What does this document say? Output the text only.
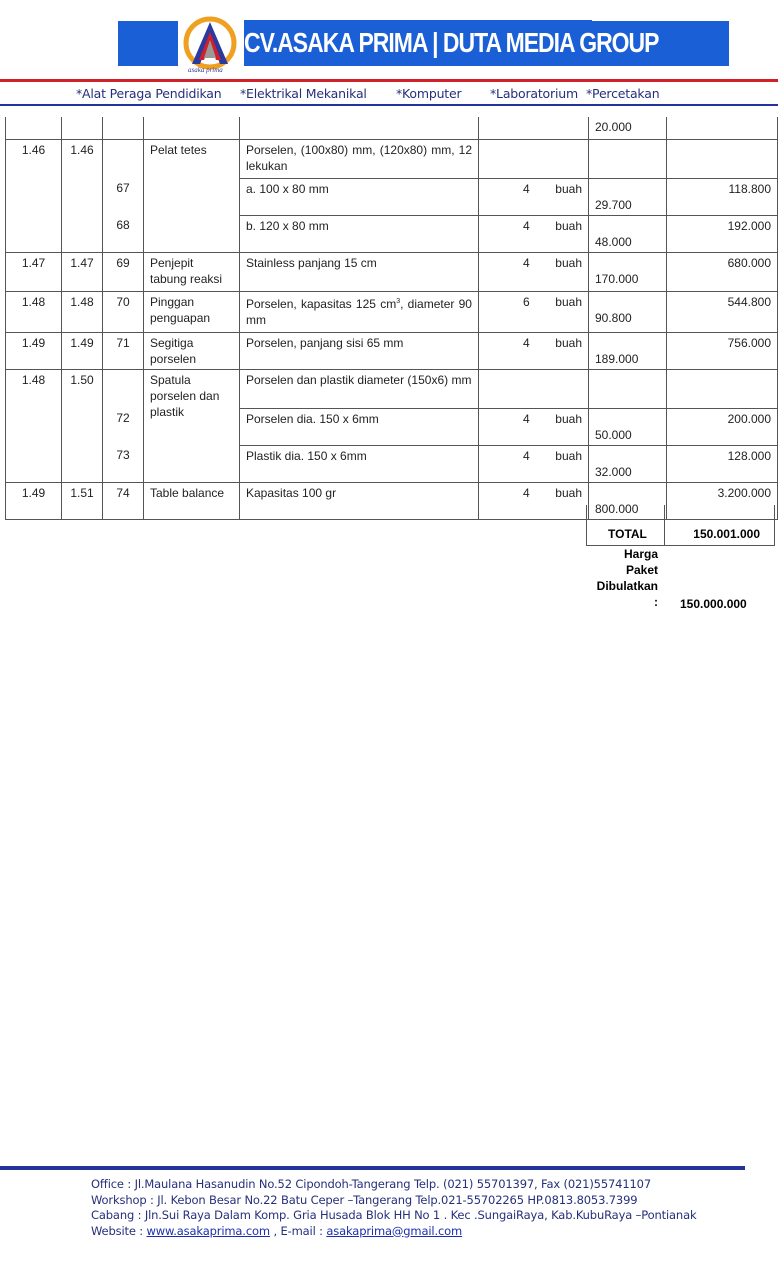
asaka prima
CV.ASAKA PRIMA | DUTA MEDIA GROUP
*Alat Peraga Pendidikan *Elektrikal Mekanikal *Komputer *Laboratorium *Percetakan
						20.000	
1.46	1.46		Pelat tetes	Porselen, (100x80) mm, (120x80) mm, 12 lekukan			
		67		a. 100 x 80 mm	4 buah	29.700	118.800
		68		b. 120 x 80 mm	4 buah	48.000	192.000
1.47	1.47	69	Penjepit tabung reaksi	Stainless panjang 15 cm	4 buah	170.000	680.000
1.48	1.48	70	Pinggan penguapan	Porselen, kapasitas 125 $cm^3$, diameter 90 mm	6 buah	90.800	544.800
1.49	1.49	71	Segitiga porselen	Porselen, panjang sisi 65 mm	4 buah	189.000	756.000
1.48	1.50		Spatula porselen dan plastik	Porselen dan plastik diameter (150x6) mm			
		72		Porselen dia. 150 x 6mm	4 buah	50.000	200.000
		73		Plastik dia. 150 x 6mm	4 buah	32.000	128.000
1.49	1.51	74	Table balance	Kapasitas 100 gr	4 buah	800.000	3.200.000
TOTAL	150.001.000
Harga
Paket
Dibulatkan
: 150.000.000
Office : Jl.Maulana Hasanudin No.52 Cipondoh-Tangerang Telp. (021) 55701397, Fax (021)55741107
Workshop : Jl. Kebon Besar No.22 Batu Ceper –Tangerang Telp.021-55702265 HP.0813.8053.7399
Cabang : Jln.Sui Raya Dalam Komp. Gria Husada Blok HH No 1 . Kec .SungaiRaya, Kab.KubuRaya –Pontianak
Website : www.asakaprima.com , E-mail : asakaprima@gmail.com
